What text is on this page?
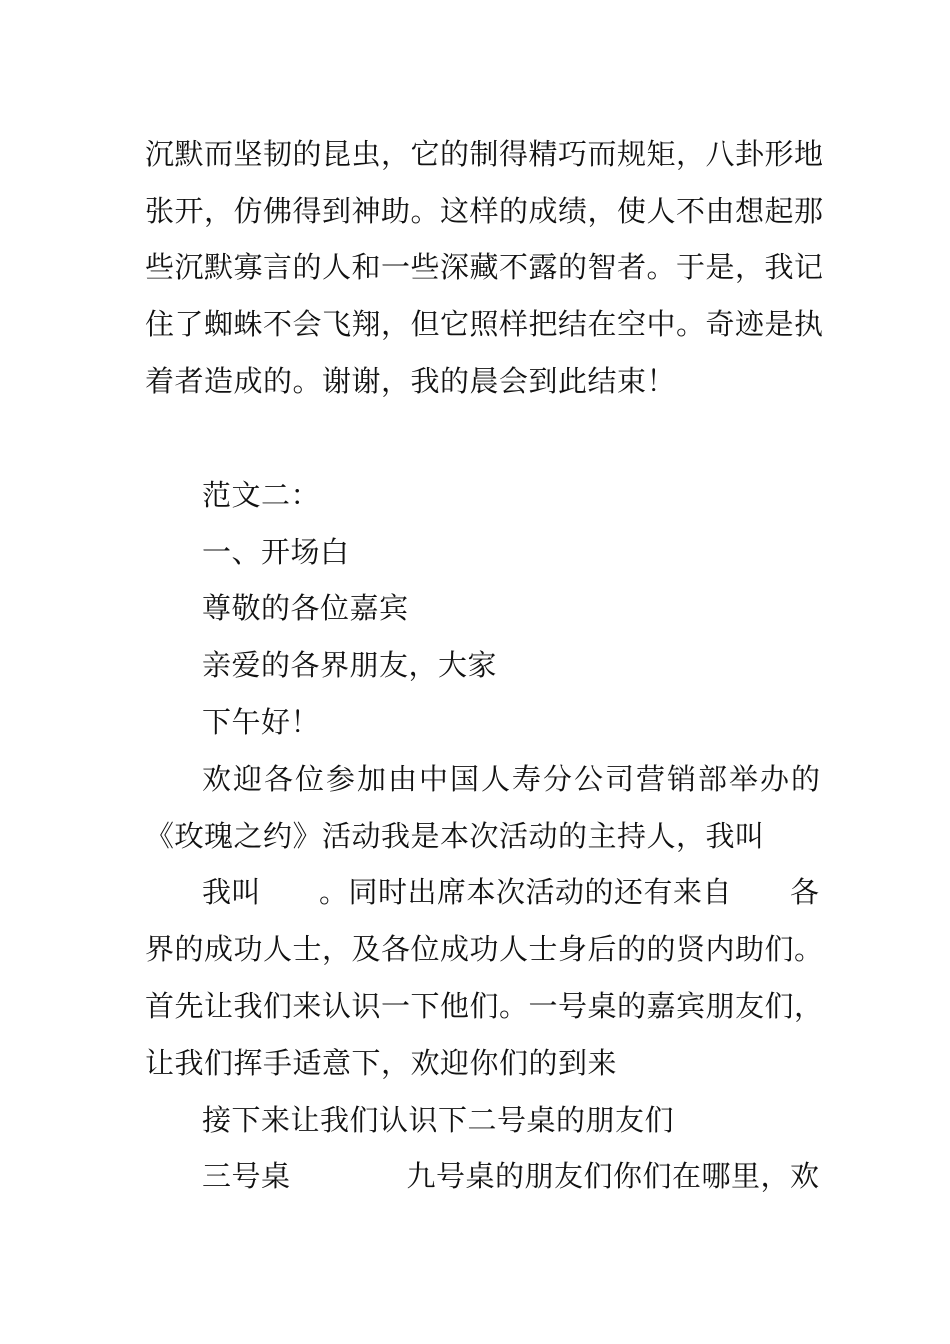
沉默而坚韧的昆虫，它的制得精巧而规矩，八卦形地
张开，仿佛得到神助。这样的成绩，使人不由想起那
些沉默寡言的人和一些深藏不露的智者。于是，我记
住了蜘蛛不会飞翔，但它照样把结在空中。奇迹是执
着者造成的。谢谢，我的晨会到此结束！
范文二：
一、开场白
尊敬的各位嘉宾
亲爱的各界朋友，大家
下午好！
欢迎各位参加由中国人寿分公司营销部举办的
《玫瑰之约》活动我是本次活动的主持人，我叫
我叫 。同时出席本次活动的还有来自 各
界的成功人士，及各位成功人士身后的的贤内助们。
首先让我们来认识一下他们。一号桌的嘉宾朋友们，
让我们挥手适意下，欢迎你们的到来
接下来让我们认识下二号桌的朋友们
三号桌	九号桌的朋友们你们在哪里，欢
